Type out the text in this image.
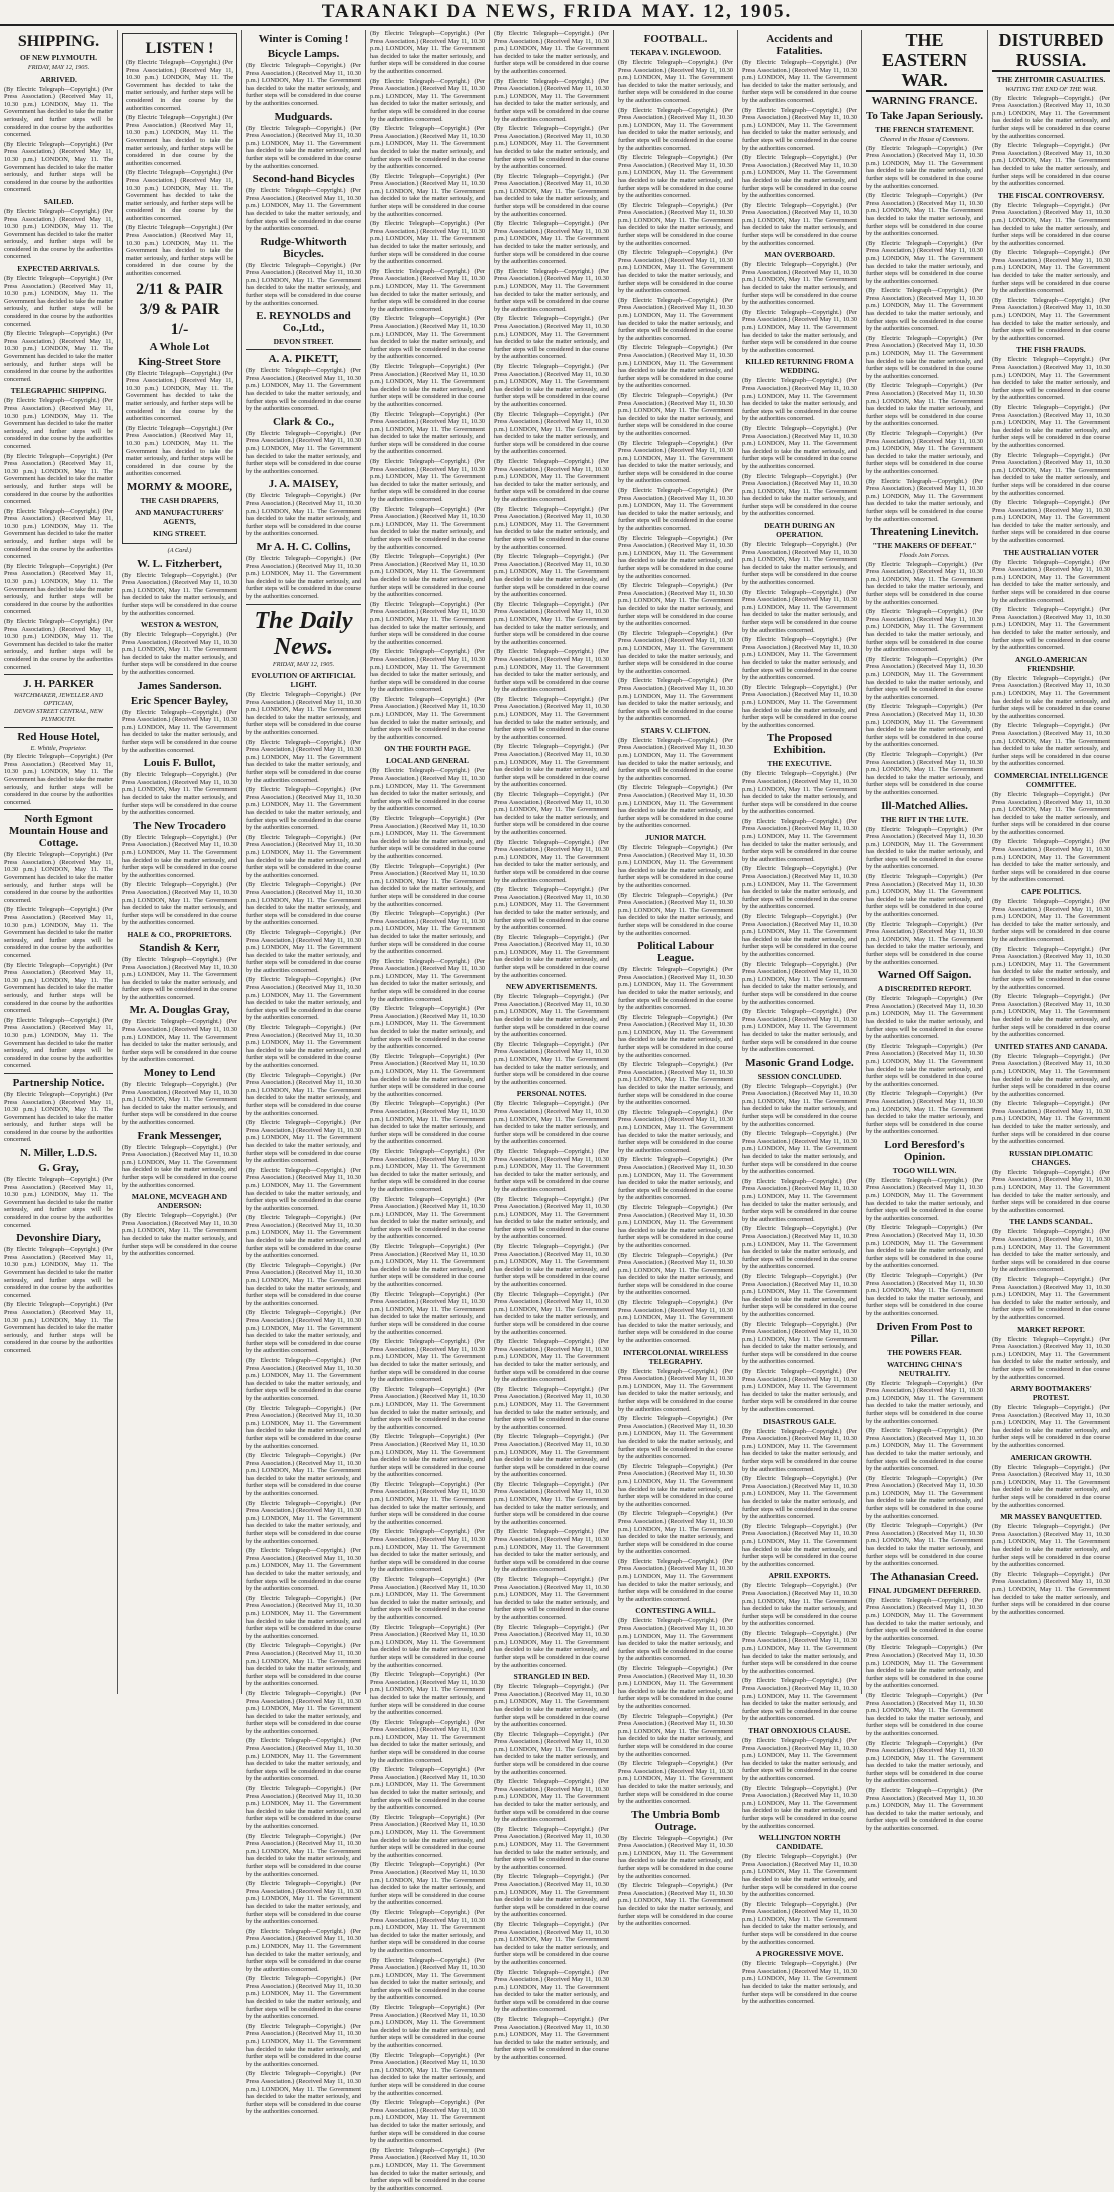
TARANAKI DA
NEWS, FRIDA
MAY. 12, 1905.
SHIPPING.
OF NEW PLYMOUTH.
FRIDAY, MAY 12, 1905.
ARRIVED.

(By Electric Telegraph—Copyright.) (Per Press Association.) (Received May 11, 10.30 p.m.) LONDON, May 11. The Government has decided to take the matter seriously, and further steps will be considered in due course by the authorities concerned.

(By Electric Telegraph—Copyright.) (Per Press Association.) (Received May 11, 10.30 p.m.) LONDON, May 11. The Government has decided to take the matter seriously, and further steps will be considered in due course by the authorities concerned.

SAILED.

(By Electric Telegraph—Copyright.) (Per Press Association.) (Received May 11, 10.30 p.m.) LONDON, May 11. The Government has decided to take the matter seriously, and further steps will be considered in due course by the authorities concerned.

EXPECTED ARRIVALS.

(By Electric Telegraph—Copyright.) (Per Press Association.) (Received May 11, 10.30 p.m.) LONDON, May 11. The Government has decided to take the matter seriously, and further steps will be considered in due course by the authorities concerned.

(By Electric Telegraph—Copyright.) (Per Press Association.) (Received May 11, 10.30 p.m.) LONDON, May 11. The Government has decided to take the matter seriously, and further steps will be considered in due course by the authorities concerned.

TELEGRAPHIC SHIPPING.

(By Electric Telegraph—Copyright.) (Per Press Association.) (Received May 11, 10.30 p.m.) LONDON, May 11. The Government has decided to take the matter seriously, and further steps will be considered in due course by the authorities concerned.

(By Electric Telegraph—Copyright.) (Per Press Association.) (Received May 11, 10.30 p.m.) LONDON, May 11. The Government has decided to take the matter seriously, and further steps will be considered in due course by the authorities concerned.

(By Electric Telegraph—Copyright.) (Per Press Association.) (Received May 11, 10.30 p.m.) LONDON, May 11. The Government has decided to take the matter seriously, and further steps will be considered in due course by the authorities concerned.

(By Electric Telegraph—Copyright.) (Per Press Association.) (Received May 11, 10.30 p.m.) LONDON, May 11. The Government has decided to take the matter seriously, and further steps will be considered in due course by the authorities concerned.

(By Electric Telegraph—Copyright.) (Per Press Association.) (Received May 11, 10.30 p.m.) LONDON, May 11. The Government has decided to take the matter seriously, and further steps will be considered in due course by the authorities concerned.

J. H. PARKER
WATCHMAKER, JEWELLER AND OPTICIAN,
DEVON STREET CENTRAL, NEW PLYMOUTH.
Red House Hotel,
E. Whittle, Proprietor.

(By Electric Telegraph—Copyright.) (Per Press Association.) (Received May 11, 10.30 p.m.) LONDON, May 11. The Government has decided to take the matter seriously, and further steps will be considered in due course by the authorities concerned.

North Egmont Mountain House and Cottage.

(By Electric Telegraph—Copyright.) (Per Press Association.) (Received May 11, 10.30 p.m.) LONDON, May 11. The Government has decided to take the matter seriously, and further steps will be considered in due course by the authorities concerned.

(By Electric Telegraph—Copyright.) (Per Press Association.) (Received May 11, 10.30 p.m.) LONDON, May 11. The Government has decided to take the matter seriously, and further steps will be considered in due course by the authorities concerned.

(By Electric Telegraph—Copyright.) (Per Press Association.) (Received May 11, 10.30 p.m.) LONDON, May 11. The Government has decided to take the matter seriously, and further steps will be considered in due course by the authorities concerned.

(By Electric Telegraph—Copyright.) (Per Press Association.) (Received May 11, 10.30 p.m.) LONDON, May 11. The Government has decided to take the matter seriously, and further steps will be considered in due course by the authorities concerned.

Partnership Notice.

(By Electric Telegraph—Copyright.) (Per Press Association.) (Received May 11, 10.30 p.m.) LONDON, May 11. The Government has decided to take the matter seriously, and further steps will be considered in due course by the authorities concerned.

N. Miller, L.D.S.
G. Gray,

(By Electric Telegraph—Copyright.) (Per Press Association.) (Received May 11, 10.30 p.m.) LONDON, May 11. The Government has decided to take the matter seriously, and further steps will be considered in due course by the authorities concerned.

Devonshire Diary,

(By Electric Telegraph—Copyright.) (Per Press Association.) (Received May 11, 10.30 p.m.) LONDON, May 11. The Government has decided to take the matter seriously, and further steps will be considered in due course by the authorities concerned.

(By Electric Telegraph—Copyright.) (Per Press Association.) (Received May 11, 10.30 p.m.) LONDON, May 11. The Government has decided to take the matter seriously, and further steps will be considered in due course by the authorities concerned.

LISTEN !

(By Electric Telegraph—Copyright.) (Per Press Association.) (Received May 11, 10.30 p.m.) LONDON, May 11. The Government has decided to take the matter seriously, and further steps will be considered in due course by the authorities concerned.

(By Electric Telegraph—Copyright.) (Per Press Association.) (Received May 11, 10.30 p.m.) LONDON, May 11. The Government has decided to take the matter seriously, and further steps will be considered in due course by the authorities concerned.

(By Electric Telegraph—Copyright.) (Per Press Association.) (Received May 11, 10.30 p.m.) LONDON, May 11. The Government has decided to take the matter seriously, and further steps will be considered in due course by the authorities concerned.

(By Electric Telegraph—Copyright.) (Per Press Association.) (Received May 11, 10.30 p.m.) LONDON, May 11. The Government has decided to take the matter seriously, and further steps will be considered in due course by the authorities concerned.

2/11 & PAIR
3/9 & PAIR
1/-
A Whole Lot
King-Street Store

(By Electric Telegraph—Copyright.) (Per Press Association.) (Received May 11, 10.30 p.m.) LONDON, May 11. The Government has decided to take the matter seriously, and further steps will be considered in due course by the authorities concerned.

(By Electric Telegraph—Copyright.) (Per Press Association.) (Received May 11, 10.30 p.m.) LONDON, May 11. The Government has decided to take the matter seriously, and further steps will be considered in due course by the authorities concerned.

MORMY & MOORE,
THE CASH DRAPERS,
AND MANUFACTURERS' AGENTS,
KING STREET.
(A Card.)
W. L. Fitzherbert,

(By Electric Telegraph—Copyright.) (Per Press Association.) (Received May 11, 10.30 p.m.) LONDON, May 11. The Government has decided to take the matter seriously, and further steps will be considered in due course by the authorities concerned.

WESTON & WESTON,

(By Electric Telegraph—Copyright.) (Per Press Association.) (Received May 11, 10.30 p.m.) LONDON, May 11. The Government has decided to take the matter seriously, and further steps will be considered in due course by the authorities concerned.

James Sanderson.
Eric Spencer Bayley,

(By Electric Telegraph—Copyright.) (Per Press Association.) (Received May 11, 10.30 p.m.) LONDON, May 11. The Government has decided to take the matter seriously, and further steps will be considered in due course by the authorities concerned.

Louis F. Bullot,

(By Electric Telegraph—Copyright.) (Per Press Association.) (Received May 11, 10.30 p.m.) LONDON, May 11. The Government has decided to take the matter seriously, and further steps will be considered in due course by the authorities concerned.

The New Trocadero

(By Electric Telegraph—Copyright.) (Per Press Association.) (Received May 11, 10.30 p.m.) LONDON, May 11. The Government has decided to take the matter seriously, and further steps will be considered in due course by the authorities concerned.

(By Electric Telegraph—Copyright.) (Per Press Association.) (Received May 11, 10.30 p.m.) LONDON, May 11. The Government has decided to take the matter seriously, and further steps will be considered in due course by the authorities concerned.

HALE & CO., PROPRIETORS.
Standish & Kerr,

(By Electric Telegraph—Copyright.) (Per Press Association.) (Received May 11, 10.30 p.m.) LONDON, May 11. The Government has decided to take the matter seriously, and further steps will be considered in due course by the authorities concerned.

Mr. A. Douglas Gray,

(By Electric Telegraph—Copyright.) (Per Press Association.) (Received May 11, 10.30 p.m.) LONDON, May 11. The Government has decided to take the matter seriously, and further steps will be considered in due course by the authorities concerned.

Money to Lend

(By Electric Telegraph—Copyright.) (Per Press Association.) (Received May 11, 10.30 p.m.) LONDON, May 11. The Government has decided to take the matter seriously, and further steps will be considered in due course by the authorities concerned.

Frank Messenger,

(By Electric Telegraph—Copyright.) (Per Press Association.) (Received May 11, 10.30 p.m.) LONDON, May 11. The Government has decided to take the matter seriously, and further steps will be considered in due course by the authorities concerned.

MALONE, MCVEAGH AND ANDERSON:

(By Electric Telegraph—Copyright.) (Per Press Association.) (Received May 11, 10.30 p.m.) LONDON, May 11. The Government has decided to take the matter seriously, and further steps will be considered in due course by the authorities concerned.

Winter is Coming !
Bicycle Lamps.

(By Electric Telegraph—Copyright.) (Per Press Association.) (Received May 11, 10.30 p.m.) LONDON, May 11. The Government has decided to take the matter seriously, and further steps will be considered in due course by the authorities concerned.

Mudguards.

(By Electric Telegraph—Copyright.) (Per Press Association.) (Received May 11, 10.30 p.m.) LONDON, May 11. The Government has decided to take the matter seriously, and further steps will be considered in due course by the authorities concerned.

Second-hand Bicycles

(By Electric Telegraph—Copyright.) (Per Press Association.) (Received May 11, 10.30 p.m.) LONDON, May 11. The Government has decided to take the matter seriously, and further steps will be considered in due course by the authorities concerned.

Rudge-Whitworth Bicycles.

(By Electric Telegraph—Copyright.) (Per Press Association.) (Received May 11, 10.30 p.m.) LONDON, May 11. The Government has decided to take the matter seriously, and further steps will be considered in due course by the authorities concerned.

E. REYNOLDS and Co.,Ltd.,
DEVON STREET.
A. A. PIKETT,

(By Electric Telegraph—Copyright.) (Per Press Association.) (Received May 11, 10.30 p.m.) LONDON, May 11. The Government has decided to take the matter seriously, and further steps will be considered in due course by the authorities concerned.

Clark & Co.,

(By Electric Telegraph—Copyright.) (Per Press Association.) (Received May 11, 10.30 p.m.) LONDON, May 11. The Government has decided to take the matter seriously, and further steps will be considered in due course by the authorities concerned.

J. A. MAISEY,

(By Electric Telegraph—Copyright.) (Per Press Association.) (Received May 11, 10.30 p.m.) LONDON, May 11. The Government has decided to take the matter seriously, and further steps will be considered in due course by the authorities concerned.

Mr A. H. C. Collins,

(By Electric Telegraph—Copyright.) (Per Press Association.) (Received May 11, 10.30 p.m.) LONDON, May 11. The Government has decided to take the matter seriously, and further steps will be considered in due course by the authorities concerned.

The Daily News.
FRIDAY, MAY 12, 1905.
EVOLUTION OF ARTIFICIAL LIGHT.

(By Electric Telegraph—Copyright.) (Per Press Association.) (Received May 11, 10.30 p.m.) LONDON, May 11. The Government has decided to take the matter seriously, and further steps will be considered in due course by the authorities concerned.

(By Electric Telegraph—Copyright.) (Per Press Association.) (Received May 11, 10.30 p.m.) LONDON, May 11. The Government has decided to take the matter seriously, and further steps will be considered in due course by the authorities concerned.

(By Electric Telegraph—Copyright.) (Per Press Association.) (Received May 11, 10.30 p.m.) LONDON, May 11. The Government has decided to take the matter seriously, and further steps will be considered in due course by the authorities concerned.

(By Electric Telegraph—Copyright.) (Per Press Association.) (Received May 11, 10.30 p.m.) LONDON, May 11. The Government has decided to take the matter seriously, and further steps will be considered in due course by the authorities concerned.

(By Electric Telegraph—Copyright.) (Per Press Association.) (Received May 11, 10.30 p.m.) LONDON, May 11. The Government has decided to take the matter seriously, and further steps will be considered in due course by the authorities concerned.

(By Electric Telegraph—Copyright.) (Per Press Association.) (Received May 11, 10.30 p.m.) LONDON, May 11. The Government has decided to take the matter seriously, and further steps will be considered in due course by the authorities concerned.

(By Electric Telegraph—Copyright.) (Per Press Association.) (Received May 11, 10.30 p.m.) LONDON, May 11. The Government has decided to take the matter seriously, and further steps will be considered in due course by the authorities concerned.

(By Electric Telegraph—Copyright.) (Per Press Association.) (Received May 11, 10.30 p.m.) LONDON, May 11. The Government has decided to take the matter seriously, and further steps will be considered in due course by the authorities concerned.

(By Electric Telegraph—Copyright.) (Per Press Association.) (Received May 11, 10.30 p.m.) LONDON, May 11. The Government has decided to take the matter seriously, and further steps will be considered in due course by the authorities concerned.

(By Electric Telegraph—Copyright.) (Per Press Association.) (Received May 11, 10.30 p.m.) LONDON, May 11. The Government has decided to take the matter seriously, and further steps will be considered in due course by the authorities concerned.

(By Electric Telegraph—Copyright.) (Per Press Association.) (Received May 11, 10.30 p.m.) LONDON, May 11. The Government has decided to take the matter seriously, and further steps will be considered in due course by the authorities concerned.

(By Electric Telegraph—Copyright.) (Per Press Association.) (Received May 11, 10.30 p.m.) LONDON, May 11. The Government has decided to take the matter seriously, and further steps will be considered in due course by the authorities concerned.

(By Electric Telegraph—Copyright.) (Per Press Association.) (Received May 11, 10.30 p.m.) LONDON, May 11. The Government has decided to take the matter seriously, and further steps will be considered in due course by the authorities concerned.

(By Electric Telegraph—Copyright.) (Per Press Association.) (Received May 11, 10.30 p.m.) LONDON, May 11. The Government has decided to take the matter seriously, and further steps will be considered in due course by the authorities concerned.

(By Electric Telegraph—Copyright.) (Per Press Association.) (Received May 11, 10.30 p.m.) LONDON, May 11. The Government has decided to take the matter seriously, and further steps will be considered in due course by the authorities concerned.

(By Electric Telegraph—Copyright.) (Per Press Association.) (Received May 11, 10.30 p.m.) LONDON, May 11. The Government has decided to take the matter seriously, and further steps will be considered in due course by the authorities concerned.

(By Electric Telegraph—Copyright.) (Per Press Association.) (Received May 11, 10.30 p.m.) LONDON, May 11. The Government has decided to take the matter seriously, and further steps will be considered in due course by the authorities concerned.

(By Electric Telegraph—Copyright.) (Per Press Association.) (Received May 11, 10.30 p.m.) LONDON, May 11. The Government has decided to take the matter seriously, and further steps will be considered in due course by the authorities concerned.

(By Electric Telegraph—Copyright.) (Per Press Association.) (Received May 11, 10.30 p.m.) LONDON, May 11. The Government has decided to take the matter seriously, and further steps will be considered in due course by the authorities concerned.

(By Electric Telegraph—Copyright.) (Per Press Association.) (Received May 11, 10.30 p.m.) LONDON, May 11. The Government has decided to take the matter seriously, and further steps will be considered in due course by the authorities concerned.

(By Electric Telegraph—Copyright.) (Per Press Association.) (Received May 11, 10.30 p.m.) LONDON, May 11. The Government has decided to take the matter seriously, and further steps will be considered in due course by the authorities concerned.

(By Electric Telegraph—Copyright.) (Per Press Association.) (Received May 11, 10.30 p.m.) LONDON, May 11. The Government has decided to take the matter seriously, and further steps will be considered in due course by the authorities concerned.

(By Electric Telegraph—Copyright.) (Per Press Association.) (Received May 11, 10.30 p.m.) LONDON, May 11. The Government has decided to take the matter seriously, and further steps will be considered in due course by the authorities concerned.

(By Electric Telegraph—Copyright.) (Per Press Association.) (Received May 11, 10.30 p.m.) LONDON, May 11. The Government has decided to take the matter seriously, and further steps will be considered in due course by the authorities concerned.

(By Electric Telegraph—Copyright.) (Per Press Association.) (Received May 11, 10.30 p.m.) LONDON, May 11. The Government has decided to take the matter seriously, and further steps will be considered in due course by the authorities concerned.

(By Electric Telegraph—Copyright.) (Per Press Association.) (Received May 11, 10.30 p.m.) LONDON, May 11. The Government has decided to take the matter seriously, and further steps will be considered in due course by the authorities concerned.

(By Electric Telegraph—Copyright.) (Per Press Association.) (Received May 11, 10.30 p.m.) LONDON, May 11. The Government has decided to take the matter seriously, and further steps will be considered in due course by the authorities concerned.

(By Electric Telegraph—Copyright.) (Per Press Association.) (Received May 11, 10.30 p.m.) LONDON, May 11. The Government has decided to take the matter seriously, and further steps will be considered in due course by the authorities concerned.

(By Electric Telegraph—Copyright.) (Per Press Association.) (Received May 11, 10.30 p.m.) LONDON, May 11. The Government has decided to take the matter seriously, and further steps will be considered in due course by the authorities concerned.

(By Electric Telegraph—Copyright.) (Per Press Association.) (Received May 11, 10.30 p.m.) LONDON, May 11. The Government has decided to take the matter seriously, and further steps will be considered in due course by the authorities concerned.

(By Electric Telegraph—Copyright.) (Per Press Association.) (Received May 11, 10.30 p.m.) LONDON, May 11. The Government has decided to take the matter seriously, and further steps will be considered in due course by the authorities concerned.

(By Electric Telegraph—Copyright.) (Per Press Association.) (Received May 11, 10.30 p.m.) LONDON, May 11. The Government has decided to take the matter seriously, and further steps will be considered in due course by the authorities concerned.

(By Electric Telegraph—Copyright.) (Per Press Association.) (Received May 11, 10.30 p.m.) LONDON, May 11. The Government has decided to take the matter seriously, and further steps will be considered in due course by the authorities concerned.

(By Electric Telegraph—Copyright.) (Per Press Association.) (Received May 11, 10.30 p.m.) LONDON, May 11. The Government has decided to take the matter seriously, and further steps will be considered in due course by the authorities concerned.

(By Electric Telegraph—Copyright.) (Per Press Association.) (Received May 11, 10.30 p.m.) LONDON, May 11. The Government has decided to take the matter seriously, and further steps will be considered in due course by the authorities concerned.

(By Electric Telegraph—Copyright.) (Per Press Association.) (Received May 11, 10.30 p.m.) LONDON, May 11. The Government has decided to take the matter seriously, and further steps will be considered in due course by the authorities concerned.

(By Electric Telegraph—Copyright.) (Per Press Association.) (Received May 11, 10.30 p.m.) LONDON, May 11. The Government has decided to take the matter seriously, and further steps will be considered in due course by the authorities concerned.

(By Electric Telegraph—Copyright.) (Per Press Association.) (Received May 11, 10.30 p.m.) LONDON, May 11. The Government has decided to take the matter seriously, and further steps will be considered in due course by the authorities concerned.

(By Electric Telegraph—Copyright.) (Per Press Association.) (Received May 11, 10.30 p.m.) LONDON, May 11. The Government has decided to take the matter seriously, and further steps will be considered in due course by the authorities concerned.

(By Electric Telegraph—Copyright.) (Per Press Association.) (Received May 11, 10.30 p.m.) LONDON, May 11. The Government has decided to take the matter seriously, and further steps will be considered in due course by the authorities concerned.

(By Electric Telegraph—Copyright.) (Per Press Association.) (Received May 11, 10.30 p.m.) LONDON, May 11. The Government has decided to take the matter seriously, and further steps will be considered in due course by the authorities concerned.

(By Electric Telegraph—Copyright.) (Per Press Association.) (Received May 11, 10.30 p.m.) LONDON, May 11. The Government has decided to take the matter seriously, and further steps will be considered in due course by the authorities concerned.

(By Electric Telegraph—Copyright.) (Per Press Association.) (Received May 11, 10.30 p.m.) LONDON, May 11. The Government has decided to take the matter seriously, and further steps will be considered in due course by the authorities concerned.

(By Electric Telegraph—Copyright.) (Per Press Association.) (Received May 11, 10.30 p.m.) LONDON, May 11. The Government has decided to take the matter seriously, and further steps will be considered in due course by the authorities concerned.

(By Electric Telegraph—Copyright.) (Per Press Association.) (Received May 11, 10.30 p.m.) LONDON, May 11. The Government has decided to take the matter seriously, and further steps will be considered in due course by the authorities concerned.

ON THE FOURTH PAGE.
LOCAL AND GENERAL

(By Electric Telegraph—Copyright.) (Per Press Association.) (Received May 11, 10.30 p.m.) LONDON, May 11. The Government has decided to take the matter seriously, and further steps will be considered in due course by the authorities concerned.

(By Electric Telegraph—Copyright.) (Per Press Association.) (Received May 11, 10.30 p.m.) LONDON, May 11. The Government has decided to take the matter seriously, and further steps will be considered in due course by the authorities concerned.

(By Electric Telegraph—Copyright.) (Per Press Association.) (Received May 11, 10.30 p.m.) LONDON, May 11. The Government has decided to take the matter seriously, and further steps will be considered in due course by the authorities concerned.

(By Electric Telegraph—Copyright.) (Per Press Association.) (Received May 11, 10.30 p.m.) LONDON, May 11. The Government has decided to take the matter seriously, and further steps will be considered in due course by the authorities concerned.

(By Electric Telegraph—Copyright.) (Per Press Association.) (Received May 11, 10.30 p.m.) LONDON, May 11. The Government has decided to take the matter seriously, and further steps will be considered in due course by the authorities concerned.

(By Electric Telegraph—Copyright.) (Per Press Association.) (Received May 11, 10.30 p.m.) LONDON, May 11. The Government has decided to take the matter seriously, and further steps will be considered in due course by the authorities concerned.

(By Electric Telegraph—Copyright.) (Per Press Association.) (Received May 11, 10.30 p.m.) LONDON, May 11. The Government has decided to take the matter seriously, and further steps will be considered in due course by the authorities concerned.

(By Electric Telegraph—Copyright.) (Per Press Association.) (Received May 11, 10.30 p.m.) LONDON, May 11. The Government has decided to take the matter seriously, and further steps will be considered in due course by the authorities concerned.

(By Electric Telegraph—Copyright.) (Per Press Association.) (Received May 11, 10.30 p.m.) LONDON, May 11. The Government has decided to take the matter seriously, and further steps will be considered in due course by the authorities concerned.

(By Electric Telegraph—Copyright.) (Per Press Association.) (Received May 11, 10.30 p.m.) LONDON, May 11. The Government has decided to take the matter seriously, and further steps will be considered in due course by the authorities concerned.

(By Electric Telegraph—Copyright.) (Per Press Association.) (Received May 11, 10.30 p.m.) LONDON, May 11. The Government has decided to take the matter seriously, and further steps will be considered in due course by the authorities concerned.

(By Electric Telegraph—Copyright.) (Per Press Association.) (Received May 11, 10.30 p.m.) LONDON, May 11. The Government has decided to take the matter seriously, and further steps will be considered in due course by the authorities concerned.

(By Electric Telegraph—Copyright.) (Per Press Association.) (Received May 11, 10.30 p.m.) LONDON, May 11. The Government has decided to take the matter seriously, and further steps will be considered in due course by the authorities concerned.

(By Electric Telegraph—Copyright.) (Per Press Association.) (Received May 11, 10.30 p.m.) LONDON, May 11. The Government has decided to take the matter seriously, and further steps will be considered in due course by the authorities concerned.

(By Electric Telegraph—Copyright.) (Per Press Association.) (Received May 11, 10.30 p.m.) LONDON, May 11. The Government has decided to take the matter seriously, and further steps will be considered in due course by the authorities concerned.

(By Electric Telegraph—Copyright.) (Per Press Association.) (Received May 11, 10.30 p.m.) LONDON, May 11. The Government has decided to take the matter seriously, and further steps will be considered in due course by the authorities concerned.

(By Electric Telegraph—Copyright.) (Per Press Association.) (Received May 11, 10.30 p.m.) LONDON, May 11. The Government has decided to take the matter seriously, and further steps will be considered in due course by the authorities concerned.

(By Electric Telegraph—Copyright.) (Per Press Association.) (Received May 11, 10.30 p.m.) LONDON, May 11. The Government has decided to take the matter seriously, and further steps will be considered in due course by the authorities concerned.

(By Electric Telegraph—Copyright.) (Per Press Association.) (Received May 11, 10.30 p.m.) LONDON, May 11. The Government has decided to take the matter seriously, and further steps will be considered in due course by the authorities concerned.

(By Electric Telegraph—Copyright.) (Per Press Association.) (Received May 11, 10.30 p.m.) LONDON, May 11. The Government has decided to take the matter seriously, and further steps will be considered in due course by the authorities concerned.

(By Electric Telegraph—Copyright.) (Per Press Association.) (Received May 11, 10.30 p.m.) LONDON, May 11. The Government has decided to take the matter seriously, and further steps will be considered in due course by the authorities concerned.

(By Electric Telegraph—Copyright.) (Per Press Association.) (Received May 11, 10.30 p.m.) LONDON, May 11. The Government has decided to take the matter seriously, and further steps will be considered in due course by the authorities concerned.

(By Electric Telegraph—Copyright.) (Per Press Association.) (Received May 11, 10.30 p.m.) LONDON, May 11. The Government has decided to take the matter seriously, and further steps will be considered in due course by the authorities concerned.

(By Electric Telegraph—Copyright.) (Per Press Association.) (Received May 11, 10.30 p.m.) LONDON, May 11. The Government has decided to take the matter seriously, and further steps will be considered in due course by the authorities concerned.

(By Electric Telegraph—Copyright.) (Per Press Association.) (Received May 11, 10.30 p.m.) LONDON, May 11. The Government has decided to take the matter seriously, and further steps will be considered in due course by the authorities concerned.

(By Electric Telegraph—Copyright.) (Per Press Association.) (Received May 11, 10.30 p.m.) LONDON, May 11. The Government has decided to take the matter seriously, and further steps will be considered in due course by the authorities concerned.

(By Electric Telegraph—Copyright.) (Per Press Association.) (Received May 11, 10.30 p.m.) LONDON, May 11. The Government has decided to take the matter seriously, and further steps will be considered in due course by the authorities concerned.

(By Electric Telegraph—Copyright.) (Per Press Association.) (Received May 11, 10.30 p.m.) LONDON, May 11. The Government has decided to take the matter seriously, and further steps will be considered in due course by the authorities concerned.

(By Electric Telegraph—Copyright.) (Per Press Association.) (Received May 11, 10.30 p.m.) LONDON, May 11. The Government has decided to take the matter seriously, and further steps will be considered in due course by the authorities concerned.

(By Electric Telegraph—Copyright.) (Per Press Association.) (Received May 11, 10.30 p.m.) LONDON, May 11. The Government has decided to take the matter seriously, and further steps will be considered in due course by the authorities concerned.

(By Electric Telegraph—Copyright.) (Per Press Association.) (Received May 11, 10.30 p.m.) LONDON, May 11. The Government has decided to take the matter seriously, and further steps will be considered in due course by the authorities concerned.

(By Electric Telegraph—Copyright.) (Per Press Association.) (Received May 11, 10.30 p.m.) LONDON, May 11. The Government has decided to take the matter seriously, and further steps will be considered in due course by the authorities concerned.

(By Electric Telegraph—Copyright.) (Per Press Association.) (Received May 11, 10.30 p.m.) LONDON, May 11. The Government has decided to take the matter seriously, and further steps will be considered in due course by the authorities concerned.

(By Electric Telegraph—Copyright.) (Per Press Association.) (Received May 11, 10.30 p.m.) LONDON, May 11. The Government has decided to take the matter seriously, and further steps will be considered in due course by the authorities concerned.

(By Electric Telegraph—Copyright.) (Per Press Association.) (Received May 11, 10.30 p.m.) LONDON, May 11. The Government has decided to take the matter seriously, and further steps will be considered in due course by the authorities concerned.

(By Electric Telegraph—Copyright.) (Per Press Association.) (Received May 11, 10.30 p.m.) LONDON, May 11. The Government has decided to take the matter seriously, and further steps will be considered in due course by the authorities concerned.

(By Electric Telegraph—Copyright.) (Per Press Association.) (Received May 11, 10.30 p.m.) LONDON, May 11. The Government has decided to take the matter seriously, and further steps will be considered in due course by the authorities concerned.

(By Electric Telegraph—Copyright.) (Per Press Association.) (Received May 11, 10.30 p.m.) LONDON, May 11. The Government has decided to take the matter seriously, and further steps will be considered in due course by the authorities concerned.

(By Electric Telegraph—Copyright.) (Per Press Association.) (Received May 11, 10.30 p.m.) LONDON, May 11. The Government has decided to take the matter seriously, and further steps will be considered in due course by the authorities concerned.

(By Electric Telegraph—Copyright.) (Per Press Association.) (Received May 11, 10.30 p.m.) LONDON, May 11. The Government has decided to take the matter seriously, and further steps will be considered in due course by the authorities concerned.

(By Electric Telegraph—Copyright.) (Per Press Association.) (Received May 11, 10.30 p.m.) LONDON, May 11. The Government has decided to take the matter seriously, and further steps will be considered in due course by the authorities concerned.

(By Electric Telegraph—Copyright.) (Per Press Association.) (Received May 11, 10.30 p.m.) LONDON, May 11. The Government has decided to take the matter seriously, and further steps will be considered in due course by the authorities concerned.

(By Electric Telegraph—Copyright.) (Per Press Association.) (Received May 11, 10.30 p.m.) LONDON, May 11. The Government has decided to take the matter seriously, and further steps will be considered in due course by the authorities concerned.

(By Electric Telegraph—Copyright.) (Per Press Association.) (Received May 11, 10.30 p.m.) LONDON, May 11. The Government has decided to take the matter seriously, and further steps will be considered in due course by the authorities concerned.

(By Electric Telegraph—Copyright.) (Per Press Association.) (Received May 11, 10.30 p.m.) LONDON, May 11. The Government has decided to take the matter seriously, and further steps will be considered in due course by the authorities concerned.

(By Electric Telegraph—Copyright.) (Per Press Association.) (Received May 11, 10.30 p.m.) LONDON, May 11. The Government has decided to take the matter seriously, and further steps will be considered in due course by the authorities concerned.

(By Electric Telegraph—Copyright.) (Per Press Association.) (Received May 11, 10.30 p.m.) LONDON, May 11. The Government has decided to take the matter seriously, and further steps will be considered in due course by the authorities concerned.

(By Electric Telegraph—Copyright.) (Per Press Association.) (Received May 11, 10.30 p.m.) LONDON, May 11. The Government has decided to take the matter seriously, and further steps will be considered in due course by the authorities concerned.

(By Electric Telegraph—Copyright.) (Per Press Association.) (Received May 11, 10.30 p.m.) LONDON, May 11. The Government has decided to take the matter seriously, and further steps will be considered in due course by the authorities concerned.

(By Electric Telegraph—Copyright.) (Per Press Association.) (Received May 11, 10.30 p.m.) LONDON, May 11. The Government has decided to take the matter seriously, and further steps will be considered in due course by the authorities concerned.

NEW ADVERTISEMENTS.

(By Electric Telegraph—Copyright.) (Per Press Association.) (Received May 11, 10.30 p.m.) LONDON, May 11. The Government has decided to take the matter seriously, and further steps will be considered in due course by the authorities concerned.

(By Electric Telegraph—Copyright.) (Per Press Association.) (Received May 11, 10.30 p.m.) LONDON, May 11. The Government has decided to take the matter seriously, and further steps will be considered in due course by the authorities concerned.

PERSONAL NOTES.

(By Electric Telegraph—Copyright.) (Per Press Association.) (Received May 11, 10.30 p.m.) LONDON, May 11. The Government has decided to take the matter seriously, and further steps will be considered in due course by the authorities concerned.

(By Electric Telegraph—Copyright.) (Per Press Association.) (Received May 11, 10.30 p.m.) LONDON, May 11. The Government has decided to take the matter seriously, and further steps will be considered in due course by the authorities concerned.

(By Electric Telegraph—Copyright.) (Per Press Association.) (Received May 11, 10.30 p.m.) LONDON, May 11. The Government has decided to take the matter seriously, and further steps will be considered in due course by the authorities concerned.

(By Electric Telegraph—Copyright.) (Per Press Association.) (Received May 11, 10.30 p.m.) LONDON, May 11. The Government has decided to take the matter seriously, and further steps will be considered in due course by the authorities concerned.

(By Electric Telegraph—Copyright.) (Per Press Association.) (Received May 11, 10.30 p.m.) LONDON, May 11. The Government has decided to take the matter seriously, and further steps will be considered in due course by the authorities concerned.

(By Electric Telegraph—Copyright.) (Per Press Association.) (Received May 11, 10.30 p.m.) LONDON, May 11. The Government has decided to take the matter seriously, and further steps will be considered in due course by the authorities concerned.

(By Electric Telegraph—Copyright.) (Per Press Association.) (Received May 11, 10.30 p.m.) LONDON, May 11. The Government has decided to take the matter seriously, and further steps will be considered in due course by the authorities concerned.

(By Electric Telegraph—Copyright.) (Per Press Association.) (Received May 11, 10.30 p.m.) LONDON, May 11. The Government has decided to take the matter seriously, and further steps will be considered in due course by the authorities concerned.

(By Electric Telegraph—Copyright.) (Per Press Association.) (Received May 11, 10.30 p.m.) LONDON, May 11. The Government has decided to take the matter seriously, and further steps will be considered in due course by the authorities concerned.

(By Electric Telegraph—Copyright.) (Per Press Association.) (Received May 11, 10.30 p.m.) LONDON, May 11. The Government has decided to take the matter seriously, and further steps will be considered in due course by the authorities concerned.

(By Electric Telegraph—Copyright.) (Per Press Association.) (Received May 11, 10.30 p.m.) LONDON, May 11. The Government has decided to take the matter seriously, and further steps will be considered in due course by the authorities concerned.

(By Electric Telegraph—Copyright.) (Per Press Association.) (Received May 11, 10.30 p.m.) LONDON, May 11. The Government has decided to take the matter seriously, and further steps will be considered in due course by the authorities concerned.

STRANGLED IN BED.

(By Electric Telegraph—Copyright.) (Per Press Association.) (Received May 11, 10.30 p.m.) LONDON, May 11. The Government has decided to take the matter seriously, and further steps will be considered in due course by the authorities concerned.

(By Electric Telegraph—Copyright.) (Per Press Association.) (Received May 11, 10.30 p.m.) LONDON, May 11. The Government has decided to take the matter seriously, and further steps will be considered in due course by the authorities concerned.

(By Electric Telegraph—Copyright.) (Per Press Association.) (Received May 11, 10.30 p.m.) LONDON, May 11. The Government has decided to take the matter seriously, and further steps will be considered in due course by the authorities concerned.

(By Electric Telegraph—Copyright.) (Per Press Association.) (Received May 11, 10.30 p.m.) LONDON, May 11. The Government has decided to take the matter seriously, and further steps will be considered in due course by the authorities concerned.

(By Electric Telegraph—Copyright.) (Per Press Association.) (Received May 11, 10.30 p.m.) LONDON, May 11. The Government has decided to take the matter seriously, and further steps will be considered in due course by the authorities concerned.

(By Electric Telegraph—Copyright.) (Per Press Association.) (Received May 11, 10.30 p.m.) LONDON, May 11. The Government has decided to take the matter seriously, and further steps will be considered in due course by the authorities concerned.

(By Electric Telegraph—Copyright.) (Per Press Association.) (Received May 11, 10.30 p.m.) LONDON, May 11. The Government has decided to take the matter seriously, and further steps will be considered in due course by the authorities concerned.

(By Electric Telegraph—Copyright.) (Per Press Association.) (Received May 11, 10.30 p.m.) LONDON, May 11. The Government has decided to take the matter seriously, and further steps will be considered in due course by the authorities concerned.

FOOTBALL.
TEKAPA V. INGLEWOOD.

(By Electric Telegraph—Copyright.) (Per Press Association.) (Received May 11, 10.30 p.m.) LONDON, May 11. The Government has decided to take the matter seriously, and further steps will be considered in due course by the authorities concerned.

(By Electric Telegraph—Copyright.) (Per Press Association.) (Received May 11, 10.30 p.m.) LONDON, May 11. The Government has decided to take the matter seriously, and further steps will be considered in due course by the authorities concerned.

(By Electric Telegraph—Copyright.) (Per Press Association.) (Received May 11, 10.30 p.m.) LONDON, May 11. The Government has decided to take the matter seriously, and further steps will be considered in due course by the authorities concerned.

(By Electric Telegraph—Copyright.) (Per Press Association.) (Received May 11, 10.30 p.m.) LONDON, May 11. The Government has decided to take the matter seriously, and further steps will be considered in due course by the authorities concerned.

(By Electric Telegraph—Copyright.) (Per Press Association.) (Received May 11, 10.30 p.m.) LONDON, May 11. The Government has decided to take the matter seriously, and further steps will be considered in due course by the authorities concerned.

(By Electric Telegraph—Copyright.) (Per Press Association.) (Received May 11, 10.30 p.m.) LONDON, May 11. The Government has decided to take the matter seriously, and further steps will be considered in due course by the authorities concerned.

(By Electric Telegraph—Copyright.) (Per Press Association.) (Received May 11, 10.30 p.m.) LONDON, May 11. The Government has decided to take the matter seriously, and further steps will be considered in due course by the authorities concerned.

(By Electric Telegraph—Copyright.) (Per Press Association.) (Received May 11, 10.30 p.m.) LONDON, May 11. The Government has decided to take the matter seriously, and further steps will be considered in due course by the authorities concerned.

(By Electric Telegraph—Copyright.) (Per Press Association.) (Received May 11, 10.30 p.m.) LONDON, May 11. The Government has decided to take the matter seriously, and further steps will be considered in due course by the authorities concerned.

(By Electric Telegraph—Copyright.) (Per Press Association.) (Received May 11, 10.30 p.m.) LONDON, May 11. The Government has decided to take the matter seriously, and further steps will be considered in due course by the authorities concerned.

(By Electric Telegraph—Copyright.) (Per Press Association.) (Received May 11, 10.30 p.m.) LONDON, May 11. The Government has decided to take the matter seriously, and further steps will be considered in due course by the authorities concerned.

(By Electric Telegraph—Copyright.) (Per Press Association.) (Received May 11, 10.30 p.m.) LONDON, May 11. The Government has decided to take the matter seriously, and further steps will be considered in due course by the authorities concerned.

(By Electric Telegraph—Copyright.) (Per Press Association.) (Received May 11, 10.30 p.m.) LONDON, May 11. The Government has decided to take the matter seriously, and further steps will be considered in due course by the authorities concerned.

(By Electric Telegraph—Copyright.) (Per Press Association.) (Received May 11, 10.30 p.m.) LONDON, May 11. The Government has decided to take the matter seriously, and further steps will be considered in due course by the authorities concerned.

STARS V. CLIFTON.

(By Electric Telegraph—Copyright.) (Per Press Association.) (Received May 11, 10.30 p.m.) LONDON, May 11. The Government has decided to take the matter seriously, and further steps will be considered in due course by the authorities concerned.

(By Electric Telegraph—Copyright.) (Per Press Association.) (Received May 11, 10.30 p.m.) LONDON, May 11. The Government has decided to take the matter seriously, and further steps will be considered in due course by the authorities concerned.

JUNIOR MATCH.

(By Electric Telegraph—Copyright.) (Per Press Association.) (Received May 11, 10.30 p.m.) LONDON, May 11. The Government has decided to take the matter seriously, and further steps will be considered in due course by the authorities concerned.

(By Electric Telegraph—Copyright.) (Per Press Association.) (Received May 11, 10.30 p.m.) LONDON, May 11. The Government has decided to take the matter seriously, and further steps will be considered in due course by the authorities concerned.

Political Labour League.

(By Electric Telegraph—Copyright.) (Per Press Association.) (Received May 11, 10.30 p.m.) LONDON, May 11. The Government has decided to take the matter seriously, and further steps will be considered in due course by the authorities concerned.

(By Electric Telegraph—Copyright.) (Per Press Association.) (Received May 11, 10.30 p.m.) LONDON, May 11. The Government has decided to take the matter seriously, and further steps will be considered in due course by the authorities concerned.

(By Electric Telegraph—Copyright.) (Per Press Association.) (Received May 11, 10.30 p.m.) LONDON, May 11. The Government has decided to take the matter seriously, and further steps will be considered in due course by the authorities concerned.

(By Electric Telegraph—Copyright.) (Per Press Association.) (Received May 11, 10.30 p.m.) LONDON, May 11. The Government has decided to take the matter seriously, and further steps will be considered in due course by the authorities concerned.

(By Electric Telegraph—Copyright.) (Per Press Association.) (Received May 11, 10.30 p.m.) LONDON, May 11. The Government has decided to take the matter seriously, and further steps will be considered in due course by the authorities concerned.

(By Electric Telegraph—Copyright.) (Per Press Association.) (Received May 11, 10.30 p.m.) LONDON, May 11. The Government has decided to take the matter seriously, and further steps will be considered in due course by the authorities concerned.

(By Electric Telegraph—Copyright.) (Per Press Association.) (Received May 11, 10.30 p.m.) LONDON, May 11. The Government has decided to take the matter seriously, and further steps will be considered in due course by the authorities concerned.

(By Electric Telegraph—Copyright.) (Per Press Association.) (Received May 11, 10.30 p.m.) LONDON, May 11. The Government has decided to take the matter seriously, and further steps will be considered in due course by the authorities concerned.

INTERCOLONIAL WIRELESS TELEGRAPHY.

(By Electric Telegraph—Copyright.) (Per Press Association.) (Received May 11, 10.30 p.m.) LONDON, May 11. The Government has decided to take the matter seriously, and further steps will be considered in due course by the authorities concerned.

(By Electric Telegraph—Copyright.) (Per Press Association.) (Received May 11, 10.30 p.m.) LONDON, May 11. The Government has decided to take the matter seriously, and further steps will be considered in due course by the authorities concerned.

(By Electric Telegraph—Copyright.) (Per Press Association.) (Received May 11, 10.30 p.m.) LONDON, May 11. The Government has decided to take the matter seriously, and further steps will be considered in due course by the authorities concerned.

(By Electric Telegraph—Copyright.) (Per Press Association.) (Received May 11, 10.30 p.m.) LONDON, May 11. The Government has decided to take the matter seriously, and further steps will be considered in due course by the authorities concerned.

(By Electric Telegraph—Copyright.) (Per Press Association.) (Received May 11, 10.30 p.m.) LONDON, May 11. The Government has decided to take the matter seriously, and further steps will be considered in due course by the authorities concerned.

CONTESTING A WILL.

(By Electric Telegraph—Copyright.) (Per Press Association.) (Received May 11, 10.30 p.m.) LONDON, May 11. The Government has decided to take the matter seriously, and further steps will be considered in due course by the authorities concerned.

(By Electric Telegraph—Copyright.) (Per Press Association.) (Received May 11, 10.30 p.m.) LONDON, May 11. The Government has decided to take the matter seriously, and further steps will be considered in due course by the authorities concerned.

(By Electric Telegraph—Copyright.) (Per Press Association.) (Received May 11, 10.30 p.m.) LONDON, May 11. The Government has decided to take the matter seriously, and further steps will be considered in due course by the authorities concerned.

(By Electric Telegraph—Copyright.) (Per Press Association.) (Received May 11, 10.30 p.m.) LONDON, May 11. The Government has decided to take the matter seriously, and further steps will be considered in due course by the authorities concerned.

The Umbria Bomb Outrage.

(By Electric Telegraph—Copyright.) (Per Press Association.) (Received May 11, 10.30 p.m.) LONDON, May 11. The Government has decided to take the matter seriously, and further steps will be considered in due course by the authorities concerned.

(By Electric Telegraph—Copyright.) (Per Press Association.) (Received May 11, 10.30 p.m.) LONDON, May 11. The Government has decided to take the matter seriously, and further steps will be considered in due course by the authorities concerned.

Accidents and Fatalities.

(By Electric Telegraph—Copyright.) (Per Press Association.) (Received May 11, 10.30 p.m.) LONDON, May 11. The Government has decided to take the matter seriously, and further steps will be considered in due course by the authorities concerned.

(By Electric Telegraph—Copyright.) (Per Press Association.) (Received May 11, 10.30 p.m.) LONDON, May 11. The Government has decided to take the matter seriously, and further steps will be considered in due course by the authorities concerned.

(By Electric Telegraph—Copyright.) (Per Press Association.) (Received May 11, 10.30 p.m.) LONDON, May 11. The Government has decided to take the matter seriously, and further steps will be considered in due course by the authorities concerned.

(By Electric Telegraph—Copyright.) (Per Press Association.) (Received May 11, 10.30 p.m.) LONDON, May 11. The Government has decided to take the matter seriously, and further steps will be considered in due course by the authorities concerned.

MAN OVERBOARD.

(By Electric Telegraph—Copyright.) (Per Press Association.) (Received May 11, 10.30 p.m.) LONDON, May 11. The Government has decided to take the matter seriously, and further steps will be considered in due course by the authorities concerned.

(By Electric Telegraph—Copyright.) (Per Press Association.) (Received May 11, 10.30 p.m.) LONDON, May 11. The Government has decided to take the matter seriously, and further steps will be considered in due course by the authorities concerned.

KILLED RETURNING FROM A WEDDING.

(By Electric Telegraph—Copyright.) (Per Press Association.) (Received May 11, 10.30 p.m.) LONDON, May 11. The Government has decided to take the matter seriously, and further steps will be considered in due course by the authorities concerned.

(By Electric Telegraph—Copyright.) (Per Press Association.) (Received May 11, 10.30 p.m.) LONDON, May 11. The Government has decided to take the matter seriously, and further steps will be considered in due course by the authorities concerned.

(By Electric Telegraph—Copyright.) (Per Press Association.) (Received May 11, 10.30 p.m.) LONDON, May 11. The Government has decided to take the matter seriously, and further steps will be considered in due course by the authorities concerned.

DEATH DURING AN OPERATION.

(By Electric Telegraph—Copyright.) (Per Press Association.) (Received May 11, 10.30 p.m.) LONDON, May 11. The Government has decided to take the matter seriously, and further steps will be considered in due course by the authorities concerned.

(By Electric Telegraph—Copyright.) (Per Press Association.) (Received May 11, 10.30 p.m.) LONDON, May 11. The Government has decided to take the matter seriously, and further steps will be considered in due course by the authorities concerned.

(By Electric Telegraph—Copyright.) (Per Press Association.) (Received May 11, 10.30 p.m.) LONDON, May 11. The Government has decided to take the matter seriously, and further steps will be considered in due course by the authorities concerned.

(By Electric Telegraph—Copyright.) (Per Press Association.) (Received May 11, 10.30 p.m.) LONDON, May 11. The Government has decided to take the matter seriously, and further steps will be considered in due course by the authorities concerned.

The Proposed Exhibition.
THE EXECUTIVE.

(By Electric Telegraph—Copyright.) (Per Press Association.) (Received May 11, 10.30 p.m.) LONDON, May 11. The Government has decided to take the matter seriously, and further steps will be considered in due course by the authorities concerned.

(By Electric Telegraph—Copyright.) (Per Press Association.) (Received May 11, 10.30 p.m.) LONDON, May 11. The Government has decided to take the matter seriously, and further steps will be considered in due course by the authorities concerned.

(By Electric Telegraph—Copyright.) (Per Press Association.) (Received May 11, 10.30 p.m.) LONDON, May 11. The Government has decided to take the matter seriously, and further steps will be considered in due course by the authorities concerned.

(By Electric Telegraph—Copyright.) (Per Press Association.) (Received May 11, 10.30 p.m.) LONDON, May 11. The Government has decided to take the matter seriously, and further steps will be considered in due course by the authorities concerned.

(By Electric Telegraph—Copyright.) (Per Press Association.) (Received May 11, 10.30 p.m.) LONDON, May 11. The Government has decided to take the matter seriously, and further steps will be considered in due course by the authorities concerned.

(By Electric Telegraph—Copyright.) (Per Press Association.) (Received May 11, 10.30 p.m.) LONDON, May 11. The Government has decided to take the matter seriously, and further steps will be considered in due course by the authorities concerned.

Masonic Grand Lodge.
SESSION CONCLUDED.

(By Electric Telegraph—Copyright.) (Per Press Association.) (Received May 11, 10.30 p.m.) LONDON, May 11. The Government has decided to take the matter seriously, and further steps will be considered in due course by the authorities concerned.

(By Electric Telegraph—Copyright.) (Per Press Association.) (Received May 11, 10.30 p.m.) LONDON, May 11. The Government has decided to take the matter seriously, and further steps will be considered in due course by the authorities concerned.

(By Electric Telegraph—Copyright.) (Per Press Association.) (Received May 11, 10.30 p.m.) LONDON, May 11. The Government has decided to take the matter seriously, and further steps will be considered in due course by the authorities concerned.

(By Electric Telegraph—Copyright.) (Per Press Association.) (Received May 11, 10.30 p.m.) LONDON, May 11. The Government has decided to take the matter seriously, and further steps will be considered in due course by the authorities concerned.

(By Electric Telegraph—Copyright.) (Per Press Association.) (Received May 11, 10.30 p.m.) LONDON, May 11. The Government has decided to take the matter seriously, and further steps will be considered in due course by the authorities concerned.

(By Electric Telegraph—Copyright.) (Per Press Association.) (Received May 11, 10.30 p.m.) LONDON, May 11. The Government has decided to take the matter seriously, and further steps will be considered in due course by the authorities concerned.

(By Electric Telegraph—Copyright.) (Per Press Association.) (Received May 11, 10.30 p.m.) LONDON, May 11. The Government has decided to take the matter seriously, and further steps will be considered in due course by the authorities concerned.

DISASTROUS GALE.

(By Electric Telegraph—Copyright.) (Per Press Association.) (Received May 11, 10.30 p.m.) LONDON, May 11. The Government has decided to take the matter seriously, and further steps will be considered in due course by the authorities concerned.

(By Electric Telegraph—Copyright.) (Per Press Association.) (Received May 11, 10.30 p.m.) LONDON, May 11. The Government has decided to take the matter seriously, and further steps will be considered in due course by the authorities concerned.

(By Electric Telegraph—Copyright.) (Per Press Association.) (Received May 11, 10.30 p.m.) LONDON, May 11. The Government has decided to take the matter seriously, and further steps will be considered in due course by the authorities concerned.

APRIL EXPORTS.

(By Electric Telegraph—Copyright.) (Per Press Association.) (Received May 11, 10.30 p.m.) LONDON, May 11. The Government has decided to take the matter seriously, and further steps will be considered in due course by the authorities concerned.

(By Electric Telegraph—Copyright.) (Per Press Association.) (Received May 11, 10.30 p.m.) LONDON, May 11. The Government has decided to take the matter seriously, and further steps will be considered in due course by the authorities concerned.

(By Electric Telegraph—Copyright.) (Per Press Association.) (Received May 11, 10.30 p.m.) LONDON, May 11. The Government has decided to take the matter seriously, and further steps will be considered in due course by the authorities concerned.

THAT OBNOXIOUS CLAUSE.

(By Electric Telegraph—Copyright.) (Per Press Association.) (Received May 11, 10.30 p.m.) LONDON, May 11. The Government has decided to take the matter seriously, and further steps will be considered in due course by the authorities concerned.

(By Electric Telegraph—Copyright.) (Per Press Association.) (Received May 11, 10.30 p.m.) LONDON, May 11. The Government has decided to take the matter seriously, and further steps will be considered in due course by the authorities concerned.

WELLINGTON NORTH CANDIDATE.

(By Electric Telegraph—Copyright.) (Per Press Association.) (Received May 11, 10.30 p.m.) LONDON, May 11. The Government has decided to take the matter seriously, and further steps will be considered in due course by the authorities concerned.

(By Electric Telegraph—Copyright.) (Per Press Association.) (Received May 11, 10.30 p.m.) LONDON, May 11. The Government has decided to take the matter seriously, and further steps will be considered in due course by the authorities concerned.

A PROGRESSIVE MOVE.

(By Electric Telegraph—Copyright.) (Per Press Association.) (Received May 11, 10.30 p.m.) LONDON, May 11. The Government has decided to take the matter seriously, and further steps will be considered in due course by the authorities concerned.

THE EASTERN WAR.
WARNING FRANCE.
To Take Japan Seriously.
THE FRENCH STATEMENT.
Cheered in the House of Commons.

(By Electric Telegraph—Copyright.) (Per Press Association.) (Received May 11, 10.30 p.m.) LONDON, May 11. The Government has decided to take the matter seriously, and further steps will be considered in due course by the authorities concerned.

(By Electric Telegraph—Copyright.) (Per Press Association.) (Received May 11, 10.30 p.m.) LONDON, May 11. The Government has decided to take the matter seriously, and further steps will be considered in due course by the authorities concerned.

(By Electric Telegraph—Copyright.) (Per Press Association.) (Received May 11, 10.30 p.m.) LONDON, May 11. The Government has decided to take the matter seriously, and further steps will be considered in due course by the authorities concerned.

(By Electric Telegraph—Copyright.) (Per Press Association.) (Received May 11, 10.30 p.m.) LONDON, May 11. The Government has decided to take the matter seriously, and further steps will be considered in due course by the authorities concerned.

(By Electric Telegraph—Copyright.) (Per Press Association.) (Received May 11, 10.30 p.m.) LONDON, May 11. The Government has decided to take the matter seriously, and further steps will be considered in due course by the authorities concerned.

(By Electric Telegraph—Copyright.) (Per Press Association.) (Received May 11, 10.30 p.m.) LONDON, May 11. The Government has decided to take the matter seriously, and further steps will be considered in due course by the authorities concerned.

(By Electric Telegraph—Copyright.) (Per Press Association.) (Received May 11, 10.30 p.m.) LONDON, May 11. The Government has decided to take the matter seriously, and further steps will be considered in due course by the authorities concerned.

(By Electric Telegraph—Copyright.) (Per Press Association.) (Received May 11, 10.30 p.m.) LONDON, May 11. The Government has decided to take the matter seriously, and further steps will be considered in due course by the authorities concerned.

Threatening Linevitch.
"THE MAKERS OF DEFEAT."
Floods Join Forces.

(By Electric Telegraph—Copyright.) (Per Press Association.) (Received May 11, 10.30 p.m.) LONDON, May 11. The Government has decided to take the matter seriously, and further steps will be considered in due course by the authorities concerned.

(By Electric Telegraph—Copyright.) (Per Press Association.) (Received May 11, 10.30 p.m.) LONDON, May 11. The Government has decided to take the matter seriously, and further steps will be considered in due course by the authorities concerned.

(By Electric Telegraph—Copyright.) (Per Press Association.) (Received May 11, 10.30 p.m.) LONDON, May 11. The Government has decided to take the matter seriously, and further steps will be considered in due course by the authorities concerned.

(By Electric Telegraph—Copyright.) (Per Press Association.) (Received May 11, 10.30 p.m.) LONDON, May 11. The Government has decided to take the matter seriously, and further steps will be considered in due course by the authorities concerned.

(By Electric Telegraph—Copyright.) (Per Press Association.) (Received May 11, 10.30 p.m.) LONDON, May 11. The Government has decided to take the matter seriously, and further steps will be considered in due course by the authorities concerned.

Ill-Matched Allies.
THE RIFT IN THE LUTE.

(By Electric Telegraph—Copyright.) (Per Press Association.) (Received May 11, 10.30 p.m.) LONDON, May 11. The Government has decided to take the matter seriously, and further steps will be considered in due course by the authorities concerned.

(By Electric Telegraph—Copyright.) (Per Press Association.) (Received May 11, 10.30 p.m.) LONDON, May 11. The Government has decided to take the matter seriously, and further steps will be considered in due course by the authorities concerned.

(By Electric Telegraph—Copyright.) (Per Press Association.) (Received May 11, 10.30 p.m.) LONDON, May 11. The Government has decided to take the matter seriously, and further steps will be considered in due course by the authorities concerned.

Warned Off Saigon.
A DISCREDITED REPORT.

(By Electric Telegraph—Copyright.) (Per Press Association.) (Received May 11, 10.30 p.m.) LONDON, May 11. The Government has decided to take the matter seriously, and further steps will be considered in due course by the authorities concerned.

(By Electric Telegraph—Copyright.) (Per Press Association.) (Received May 11, 10.30 p.m.) LONDON, May 11. The Government has decided to take the matter seriously, and further steps will be considered in due course by the authorities concerned.

(By Electric Telegraph—Copyright.) (Per Press Association.) (Received May 11, 10.30 p.m.) LONDON, May 11. The Government has decided to take the matter seriously, and further steps will be considered in due course by the authorities concerned.

Lord Beresford's Opinion.
TOGO WILL WIN.

(By Electric Telegraph—Copyright.) (Per Press Association.) (Received May 11, 10.30 p.m.) LONDON, May 11. The Government has decided to take the matter seriously, and further steps will be considered in due course by the authorities concerned.

(By Electric Telegraph—Copyright.) (Per Press Association.) (Received May 11, 10.30 p.m.) LONDON, May 11. The Government has decided to take the matter seriously, and further steps will be considered in due course by the authorities concerned.

(By Electric Telegraph—Copyright.) (Per Press Association.) (Received May 11, 10.30 p.m.) LONDON, May 11. The Government has decided to take the matter seriously, and further steps will be considered in due course by the authorities concerned.

Driven From Post to Pillar.
THE POWERS FEAR.
WATCHING CHINA'S NEUTRALITY.

(By Electric Telegraph—Copyright.) (Per Press Association.) (Received May 11, 10.30 p.m.) LONDON, May 11. The Government has decided to take the matter seriously, and further steps will be considered in due course by the authorities concerned.

(By Electric Telegraph—Copyright.) (Per Press Association.) (Received May 11, 10.30 p.m.) LONDON, May 11. The Government has decided to take the matter seriously, and further steps will be considered in due course by the authorities concerned.

(By Electric Telegraph—Copyright.) (Per Press Association.) (Received May 11, 10.30 p.m.) LONDON, May 11. The Government has decided to take the matter seriously, and further steps will be considered in due course by the authorities concerned.

(By Electric Telegraph—Copyright.) (Per Press Association.) (Received May 11, 10.30 p.m.) LONDON, May 11. The Government has decided to take the matter seriously, and further steps will be considered in due course by the authorities concerned.

The Athanasian Creed.
FINAL JUDGMENT DEFERRED.

(By Electric Telegraph—Copyright.) (Per Press Association.) (Received May 11, 10.30 p.m.) LONDON, May 11. The Government has decided to take the matter seriously, and further steps will be considered in due course by the authorities concerned.

(By Electric Telegraph—Copyright.) (Per Press Association.) (Received May 11, 10.30 p.m.) LONDON, May 11. The Government has decided to take the matter seriously, and further steps will be considered in due course by the authorities concerned.

(By Electric Telegraph—Copyright.) (Per Press Association.) (Received May 11, 10.30 p.m.) LONDON, May 11. The Government has decided to take the matter seriously, and further steps will be considered in due course by the authorities concerned.

(By Electric Telegraph—Copyright.) (Per Press Association.) (Received May 11, 10.30 p.m.) LONDON, May 11. The Government has decided to take the matter seriously, and further steps will be considered in due course by the authorities concerned.

(By Electric Telegraph—Copyright.) (Per Press Association.) (Received May 11, 10.30 p.m.) LONDON, May 11. The Government has decided to take the matter seriously, and further steps will be considered in due course by the authorities concerned.

DISTURBED RUSSIA.
THE ZHITOMIR CASUALTIES.
WAITING THE END OF THE WAR.

(By Electric Telegraph—Copyright.) (Per Press Association.) (Received May 11, 10.30 p.m.) LONDON, May 11. The Government has decided to take the matter seriously, and further steps will be considered in due course by the authorities concerned.

(By Electric Telegraph—Copyright.) (Per Press Association.) (Received May 11, 10.30 p.m.) LONDON, May 11. The Government has decided to take the matter seriously, and further steps will be considered in due course by the authorities concerned.

THE FISCAL CONTROVERSY.

(By Electric Telegraph—Copyright.) (Per Press Association.) (Received May 11, 10.30 p.m.) LONDON, May 11. The Government has decided to take the matter seriously, and further steps will be considered in due course by the authorities concerned.

(By Electric Telegraph—Copyright.) (Per Press Association.) (Received May 11, 10.30 p.m.) LONDON, May 11. The Government has decided to take the matter seriously, and further steps will be considered in due course by the authorities concerned.

(By Electric Telegraph—Copyright.) (Per Press Association.) (Received May 11, 10.30 p.m.) LONDON, May 11. The Government has decided to take the matter seriously, and further steps will be considered in due course by the authorities concerned.

THE FISH FRAUDS.

(By Electric Telegraph—Copyright.) (Per Press Association.) (Received May 11, 10.30 p.m.) LONDON, May 11. The Government has decided to take the matter seriously, and further steps will be considered in due course by the authorities concerned.

(By Electric Telegraph—Copyright.) (Per Press Association.) (Received May 11, 10.30 p.m.) LONDON, May 11. The Government has decided to take the matter seriously, and further steps will be considered in due course by the authorities concerned.

(By Electric Telegraph—Copyright.) (Per Press Association.) (Received May 11, 10.30 p.m.) LONDON, May 11. The Government has decided to take the matter seriously, and further steps will be considered in due course by the authorities concerned.

(By Electric Telegraph—Copyright.) (Per Press Association.) (Received May 11, 10.30 p.m.) LONDON, May 11. The Government has decided to take the matter seriously, and further steps will be considered in due course by the authorities concerned.

THE AUSTRALIAN VOTER

(By Electric Telegraph—Copyright.) (Per Press Association.) (Received May 11, 10.30 p.m.) LONDON, May 11. The Government has decided to take the matter seriously, and further steps will be considered in due course by the authorities concerned.

(By Electric Telegraph—Copyright.) (Per Press Association.) (Received May 11, 10.30 p.m.) LONDON, May 11. The Government has decided to take the matter seriously, and further steps will be considered in due course by the authorities concerned.

ANGLO-AMERICAN FRIENDSHIP.

(By Electric Telegraph—Copyright.) (Per Press Association.) (Received May 11, 10.30 p.m.) LONDON, May 11. The Government has decided to take the matter seriously, and further steps will be considered in due course by the authorities concerned.

(By Electric Telegraph—Copyright.) (Per Press Association.) (Received May 11, 10.30 p.m.) LONDON, May 11. The Government has decided to take the matter seriously, and further steps will be considered in due course by the authorities concerned.

COMMERCIAL INTELLIGENCE COMMITTEE.

(By Electric Telegraph—Copyright.) (Per Press Association.) (Received May 11, 10.30 p.m.) LONDON, May 11. The Government has decided to take the matter seriously, and further steps will be considered in due course by the authorities concerned.

(By Electric Telegraph—Copyright.) (Per Press Association.) (Received May 11, 10.30 p.m.) LONDON, May 11. The Government has decided to take the matter seriously, and further steps will be considered in due course by the authorities concerned.

CAPE POLITICS.

(By Electric Telegraph—Copyright.) (Per Press Association.) (Received May 11, 10.30 p.m.) LONDON, May 11. The Government has decided to take the matter seriously, and further steps will be considered in due course by the authorities concerned.

(By Electric Telegraph—Copyright.) (Per Press Association.) (Received May 11, 10.30 p.m.) LONDON, May 11. The Government has decided to take the matter seriously, and further steps will be considered in due course by the authorities concerned.

(By Electric Telegraph—Copyright.) (Per Press Association.) (Received May 11, 10.30 p.m.) LONDON, May 11. The Government has decided to take the matter seriously, and further steps will be considered in due course by the authorities concerned.

UNITED STATES AND CANADA.

(By Electric Telegraph—Copyright.) (Per Press Association.) (Received May 11, 10.30 p.m.) LONDON, May 11. The Government has decided to take the matter seriously, and further steps will be considered in due course by the authorities concerned.

(By Electric Telegraph—Copyright.) (Per Press Association.) (Received May 11, 10.30 p.m.) LONDON, May 11. The Government has decided to take the matter seriously, and further steps will be considered in due course by the authorities concerned.

RUSSIAN DIPLOMATIC CHANGES.

(By Electric Telegraph—Copyright.) (Per Press Association.) (Received May 11, 10.30 p.m.) LONDON, May 11. The Government has decided to take the matter seriously, and further steps will be considered in due course by the authorities concerned.

THE LANDS SCANDAL.

(By Electric Telegraph—Copyright.) (Per Press Association.) (Received May 11, 10.30 p.m.) LONDON, May 11. The Government has decided to take the matter seriously, and further steps will be considered in due course by the authorities concerned.

(By Electric Telegraph—Copyright.) (Per Press Association.) (Received May 11, 10.30 p.m.) LONDON, May 11. The Government has decided to take the matter seriously, and further steps will be considered in due course by the authorities concerned.

MARKET REPORT.

(By Electric Telegraph—Copyright.) (Per Press Association.) (Received May 11, 10.30 p.m.) LONDON, May 11. The Government has decided to take the matter seriously, and further steps will be considered in due course by the authorities concerned.

ARMY BOOTMAKERS' PROTEST.

(By Electric Telegraph—Copyright.) (Per Press Association.) (Received May 11, 10.30 p.m.) LONDON, May 11. The Government has decided to take the matter seriously, and further steps will be considered in due course by the authorities concerned.

AMERICAN GROWTH.

(By Electric Telegraph—Copyright.) (Per Press Association.) (Received May 11, 10.30 p.m.) LONDON, May 11. The Government has decided to take the matter seriously, and further steps will be considered in due course by the authorities concerned.

MR MASSEY BANQUETTED.

(By Electric Telegraph—Copyright.) (Per Press Association.) (Received May 11, 10.30 p.m.) LONDON, May 11. The Government has decided to take the matter seriously, and further steps will be considered in due course by the authorities concerned.

(By Electric Telegraph—Copyright.) (Per Press Association.) (Received May 11, 10.30 p.m.) LONDON, May 11. The Government has decided to take the matter seriously, and further steps will be considered in due course by the authorities concerned.
